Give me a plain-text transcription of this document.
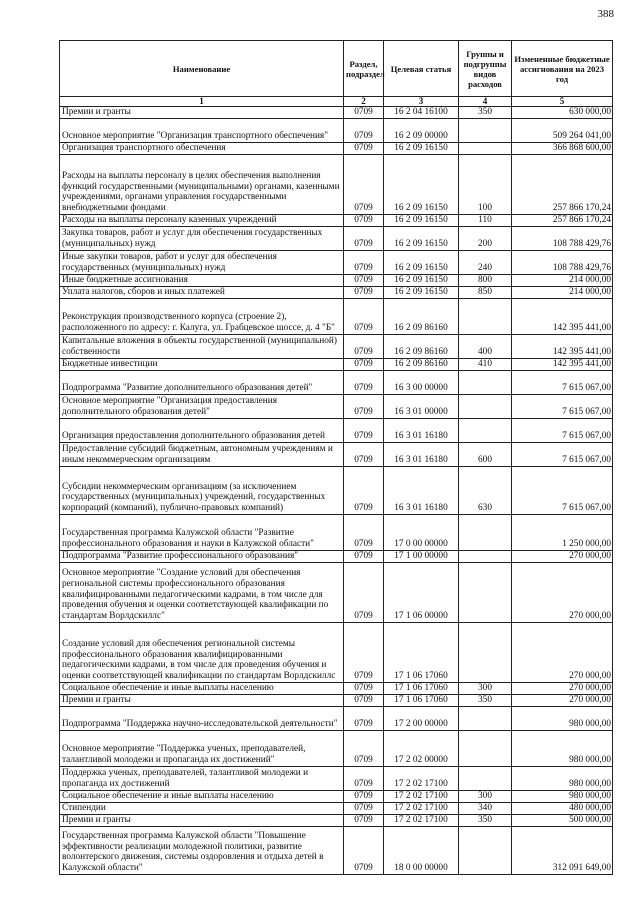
388
Наименование	Раздел, подраздел	Целевая статья	Группы и подгруппы видов расходов	Измененные бюджетные ассигнования на 2023 год
1	2	3	4	5
Премии и гранты	0709	16 2 04 16100	350	630 000,00
Основное мероприятие "Организация транспортного обеспечения"	0709	16 2 09 00000		509 264 041,00
Организация транспортного обеспечения	0709	16 2 09 16150		366 868 600,00
Расходы на выплаты персоналу в целях обеспечения выполнения функций государственными (муниципальными) органами, казенными учреждениями, органами управления государственными внебюджетными фондами	0709	16 2 09 16150	100	257 866 170,24
Расходы на выплаты персоналу казенных учреждений	0709	16 2 09 16150	110	257 866 170,24
Закупка товаров, работ и услуг для обеспечения государственных (муниципальных) нужд	0709	16 2 09 16150	200	108 788 429,76
Иные закупки товаров, работ и услуг для обеспечения государственных (муниципальных) нужд	0709	16 2 09 16150	240	108 788 429,76
Иные бюджетные ассигнования	0709	16 2 09 16150	800	214 000,00
Уплата налогов, сборов и иных платежей	0709	16 2 09 16150	850	214 000,00
Реконструкция производственного корпуса (строение 2), расположенного по адресу: г. Калуга, ул. Грабцевское шоссе, д. 4 "Б"	0709	16 2 09 86160		142 395 441,00
Капитальные вложения в объекты государственной (муниципальной) собственности	0709	16 2 09 86160	400	142 395 441,00
Бюджетные инвестиции	0709	16 2 09 86160	410	142 395 441,00
Подпрограмма "Развитие дополнительного образования детей"	0709	16 3 00 00000		7 615 067,00
Основное мероприятие "Организация предоставления дополнительного образования детей"	0709	16 3 01 00000		7 615 067,00
Организация предоставления дополнительного образования детей	0709	16 3 01 16180		7 615 067,00
Предоставление субсидий бюджетным, автономным учреждениям и иным некоммерческим организациям	0709	16 3 01 16180	600	7 615 067,00
Субсидии некоммерческим организациям (за исключением государственных (муниципальных) учреждений, государственных корпораций (компаний), публично-правовых компаний)	0709	16 3 01 16180	630	7 615 067,00
Государственная программа Калужской области "Развитие профессионального образования и науки в Калужской области"	0709	17 0 00 00000		1 250 000,00
Подпрограмма "Развитие профессионального образования"	0709	17 1 00 00000		270 000,00
Основное мероприятие "Создание условий для обеспечения региональной системы профессионального образования квалифицированными педагогическими кадрами, в том числе для проведения обучения и оценки соответствующей квалификации по стандартам Ворлдскиллс"	0709	17 1 06 00000		270 000,00
Создание условий для обеспечения региональной системы профессионального образования квалифицированными педагогическими кадрами, в том числе для проведения обучения и оценки соответствующей квалификации по стандартам Ворлдскиллс	0709	17 1 06 17060		270 000,00
Социальное обеспечение и иные выплаты населению	0709	17 1 06 17060	300	270 000,00
Премии и гранты	0709	17 1 06 17060	350	270 000,00
Подпрограмма "Поддержка научно-исследовательской деятельности"	0709	17 2 00 00000		980 000,00
Основное мероприятие "Поддержка ученых, преподавателей, талантливой молодежи и пропаганда их достижений"	0709	17 2 02 00000		980 000,00
Поддержка ученых, преподавателей, талантливой молодежи и пропаганда их достижений	0709	17 2 02 17100		980 000,00
Социальное обеспечение и иные выплаты населению	0709	17 2 02 17100	300	980 000,00
Стипендии	0709	17 2 02 17100	340	480 000,00
Премии и гранты	0709	17 2 02 17100	350	500 000,00
Государственная программа Калужской области "Повышение эффективности реализации молодежной политики, развитие волонтерского движения, системы оздоровления и отдыха детей в Калужской области"	0709	18 0 00 00000		312 091 649,00
